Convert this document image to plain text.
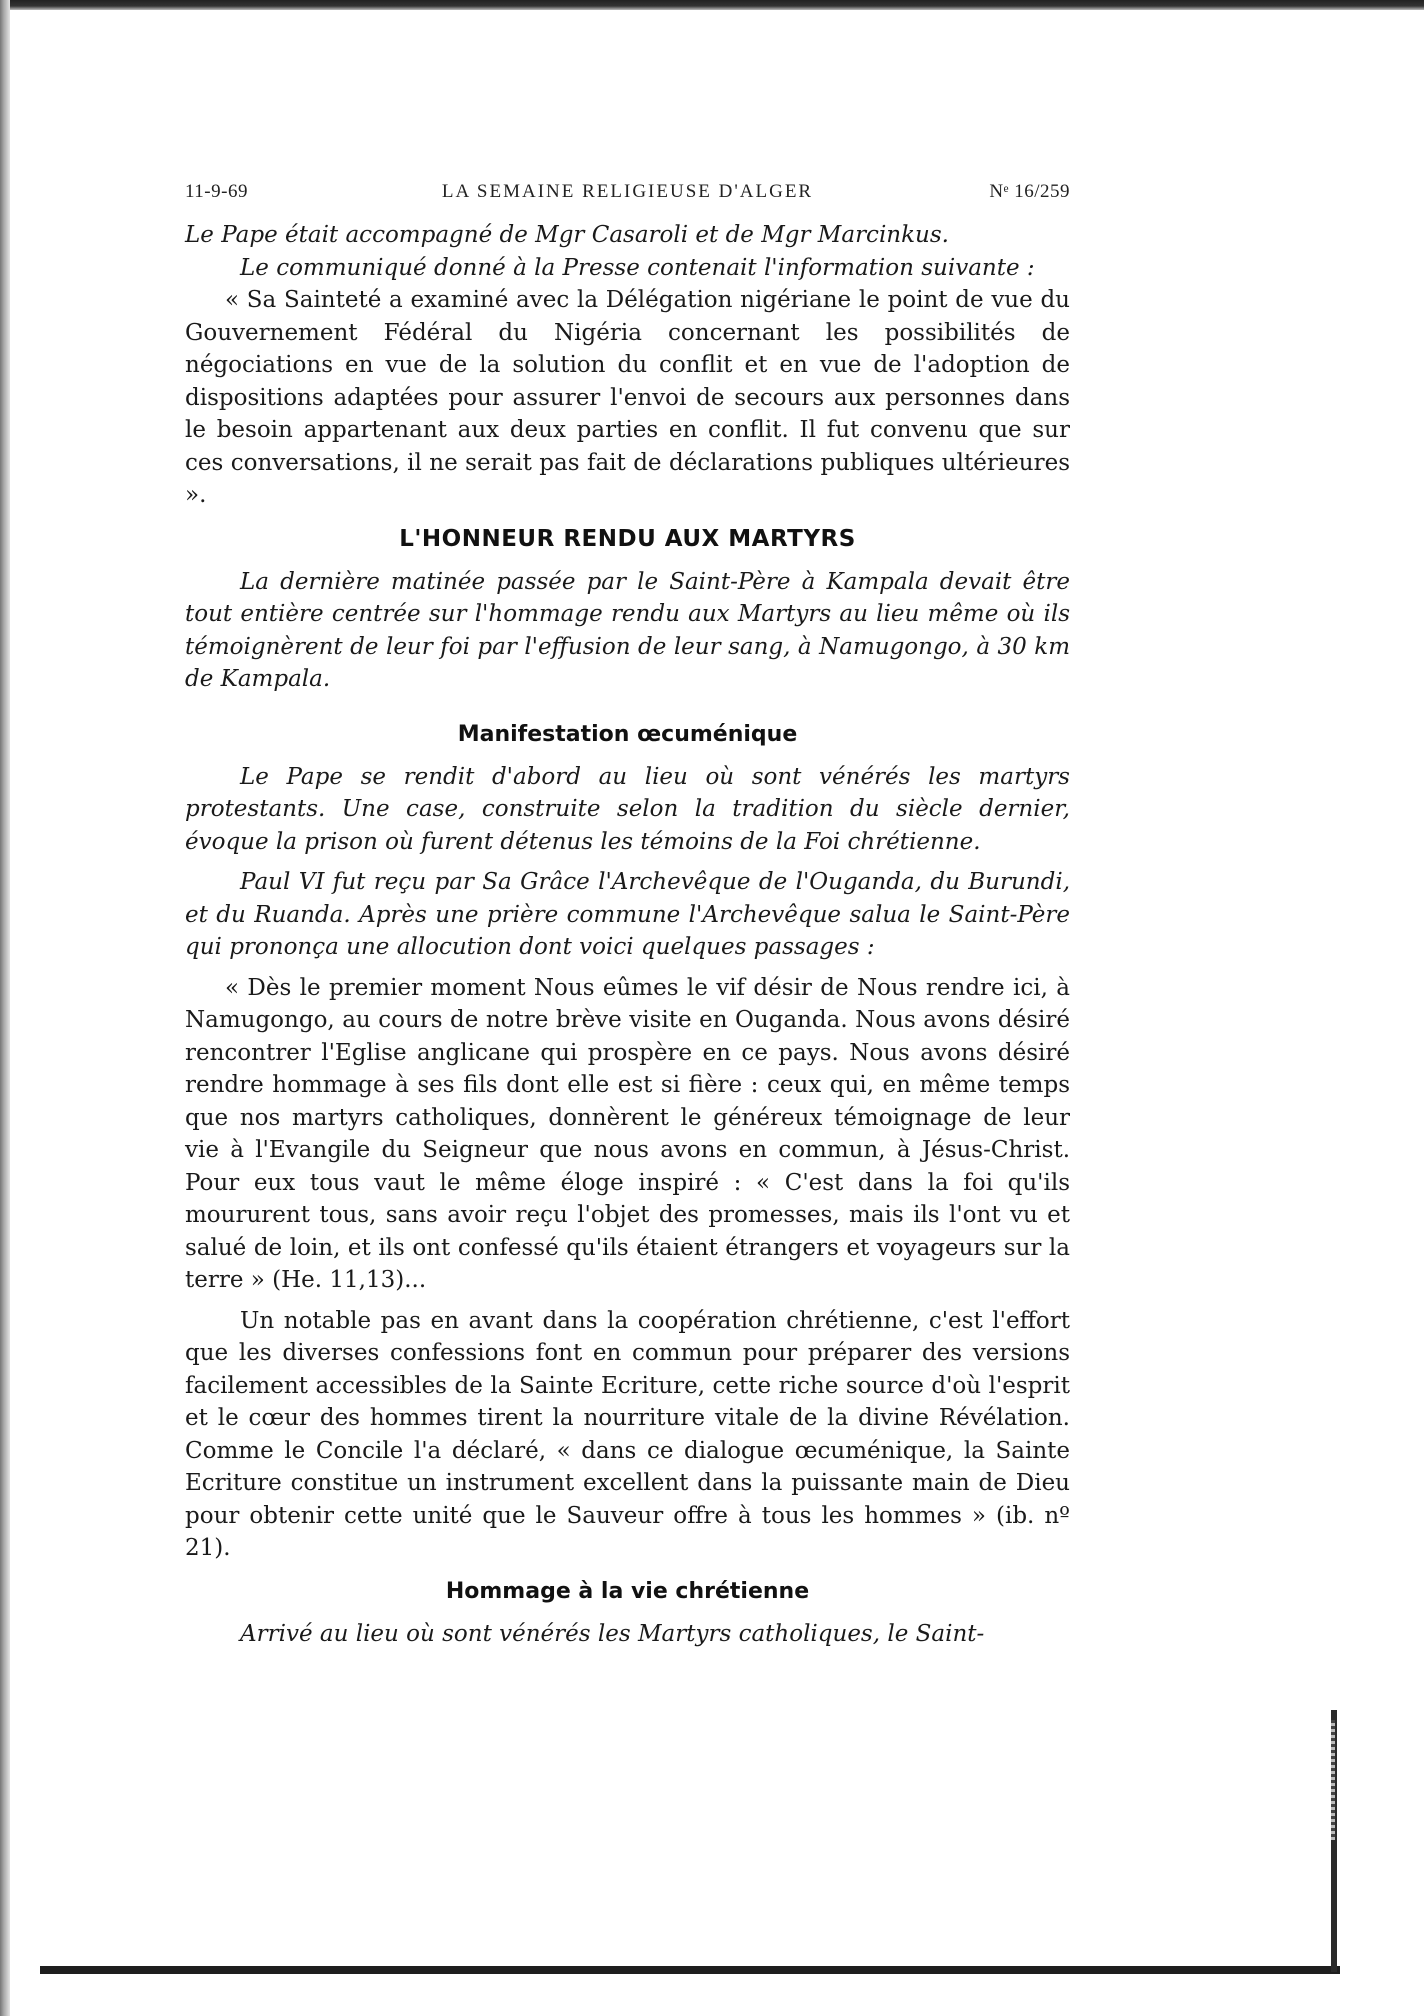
11-9-69	LA SEMAINE RELIGIEUSE D'ALGER	Nᵉ 16/259

Le Pape était accompagné de Mgr Casaroli et de Mgr Marcinkus.

Le communiqué donné à la Presse contenait l'information suivante :

« Sa Sainteté a examiné avec la Délégation nigériane le point de vue du Gouvernement Fédéral du Nigéria concernant les possibilités de négociations en vue de la solution du conflit et en vue de l'adoption de dispositions adaptées pour assurer l'envoi de secours aux personnes dans le besoin appartenant aux deux parties en conflit. Il fut convenu que sur ces conversations, il ne serait pas fait de déclarations publiques ultérieures ».

L'HONNEUR RENDU AUX MARTYRS

La dernière matinée passée par le Saint-Père à Kampala devait être tout entière centrée sur l'hommage rendu aux Martyrs au lieu même où ils témoignèrent de leur foi par l'effusion de leur sang, à Namugongo, à 30 km de Kampala.

Manifestation œcuménique

Le Pape se rendit d'abord au lieu où sont vénérés les martyrs protestants. Une case, construite selon la tradition du siècle dernier, évoque la prison où furent détenus les témoins de la Foi chrétienne.

Paul VI fut reçu par Sa Grâce l'Archevêque de l'Ouganda, du Burundi, et du Ruanda. Après une prière commune l'Archevêque salua le Saint-Père qui prononça une allocution dont voici quelques passages :

« Dès le premier moment Nous eûmes le vif désir de Nous rendre ici, à Namugongo, au cours de notre brève visite en Ouganda. Nous avons désiré rencontrer l'Eglise anglicane qui prospère en ce pays. Nous avons désiré rendre hommage à ses fils dont elle est si fière : ceux qui, en même temps que nos martyrs catholiques, donnèrent le généreux témoignage de leur vie à l'Evangile du Seigneur que nous avons en commun, à Jésus-Christ. Pour eux tous vaut le même éloge inspiré : « C'est dans la foi qu'ils moururent tous, sans avoir reçu l'objet des promesses, mais ils l'ont vu et salué de loin, et ils ont confessé qu'ils étaient étrangers et voyageurs sur la terre » (He. 11,13)...

Un notable pas en avant dans la coopération chrétienne, c'est l'effort que les diverses confessions font en commun pour préparer des versions facilement accessibles de la Sainte Ecriture, cette riche source d'où l'esprit et le cœur des hommes tirent la nourriture vitale de la divine Révélation. Comme le Concile l'a déclaré, « dans ce dialogue œcuménique, la Sainte Ecriture constitue un instrument excellent dans la puissante main de Dieu pour obtenir cette unité que le Sauveur offre à tous les hommes » (ib. nº 21).

Hommage à la vie chrétienne

Arrivé au lieu où sont vénérés les Martyrs catholiques, le Saint-
